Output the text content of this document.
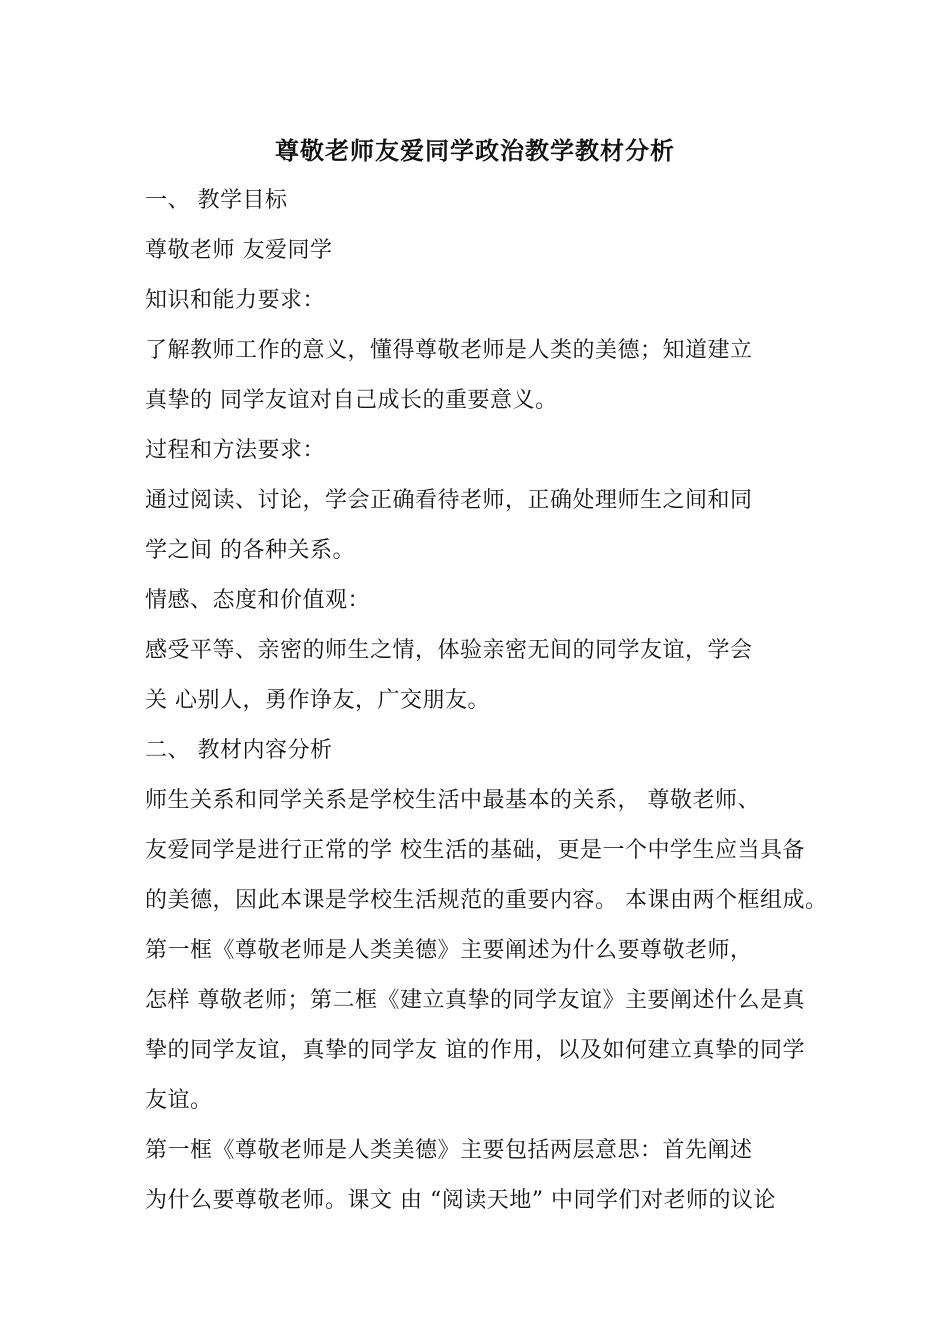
尊敬老师友爱同学政治教学教材分析
一、 教学目标
尊敬老师 友爱同学
知识和能力要求：
了解教师工作的意义，懂得尊敬老师是人类的美德；知道建立
真挚的 同学友谊对自己成长的重要意义。
过程和方法要求：
通过阅读、讨论，学会正确看待老师，正确处理师生之间和同
学之间 的各种关系。
情感、态度和价值观：
感受平等、亲密的师生之情，体验亲密无间的同学友谊，学会
关 心别人，勇作诤友，广交朋友。
二、 教材内容分析
师生关系和同学关系是学校生活中最基本的关系， 尊敬老师、
友爱同学是进行正常的学 校生活的基础，更是一个中学生应当具备
的美德，因此本课是学校生活规范的重要内容。 本课由两个框组成。
第一框《尊敬老师是人类美德》主要阐述为什么要尊敬老师，
怎样 尊敬老师；第二框《建立真挚的同学友谊》主要阐述什么是真
挚的同学友谊，真挚的同学友 谊的作用，以及如何建立真挚的同学
友谊。
第一框《尊敬老师是人类美德》主要包括两层意思：首先阐述
为什么要尊敬老师。课文 由 “阅读天地” 中同学们对老师的议论
